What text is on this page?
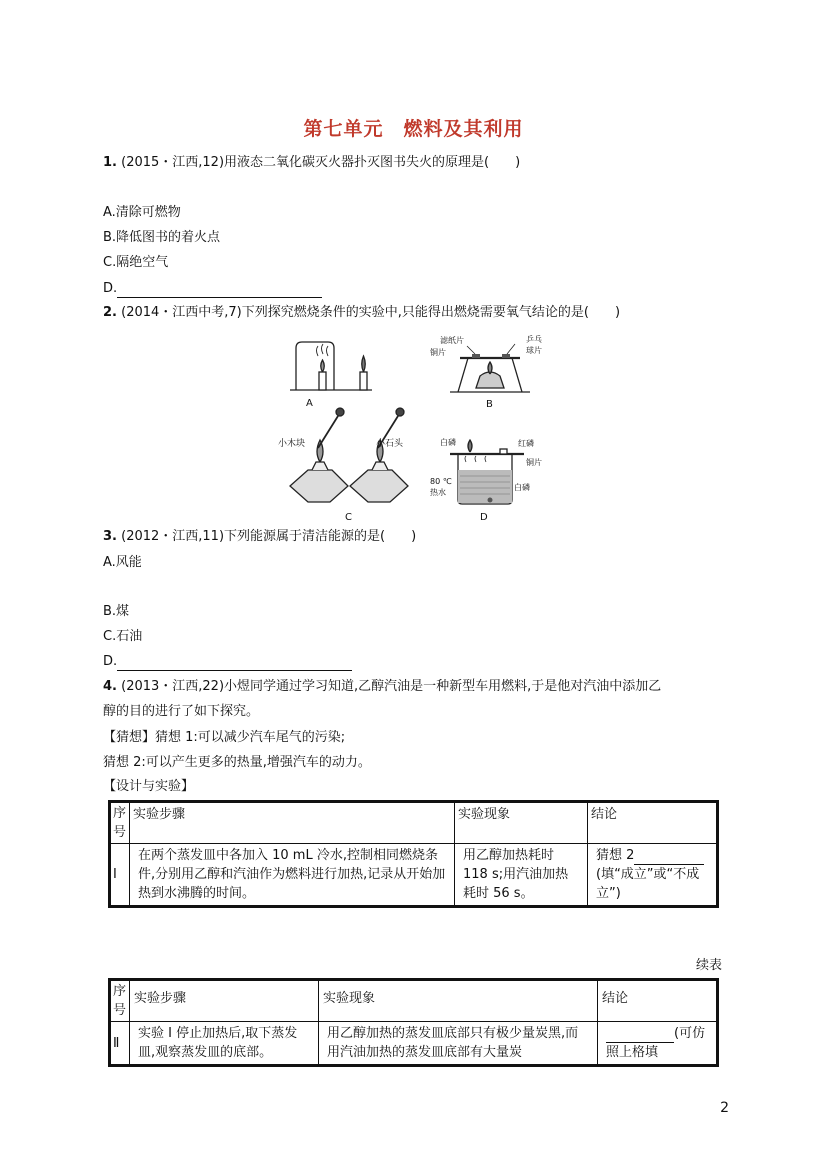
第七单元　燃料及其利用
1. (2015・江西,12)用液态二氧化碳灭火器扑灭图书失火的原理是(　　)
A.清除可燃物
B.降低图书的着火点
C.隔绝空气
D.
2. (2014・江西中考,7)下列探究燃烧条件的实验中,只能得出燃烧需要氧气结论的是(　　)
A
滤纸片
铜片
乒乓
球片
B
小木块	小石头
C
白磷	红磷
铜片
80 ℃
热水
白磷
D
3. (2012・江西,11)下列能源属于清洁能源的是(　　)
A.风能
B.煤
C.石油
D.
4. (2013・江西,22)小煜同学通过学习知道,乙醇汽油是一种新型车用燃料,于是他对汽油中添加乙
醇的目的进行了如下探究。
【猜想】猜想 1:可以减少汽车尾气的污染;
猜想 2:可以产生更多的热量,增强汽车的动力。
【设计与实验】
序号	实验步骤	实验现象	结论
Ⅰ	在两个蒸发皿中各加入 10 mL 冷水,控制相同燃烧条件,分别用乙醇和汽油作为燃料进行加热,记录从开始加热到水沸腾的时间。	用乙醇加热耗时 118 s;用汽油加热耗时 56 s。	猜想 2
(填“成立”或“不成立”)
续表
序号	实验步骤	实验现象	结论
Ⅱ	实验 Ⅰ 停止加热后,取下蒸发皿,观察蒸发皿的底部。	用乙醇加热的蒸发皿底部只有极少量炭黑,而用汽油加热的蒸发皿底部有大量炭	(可仿照上格填
2
